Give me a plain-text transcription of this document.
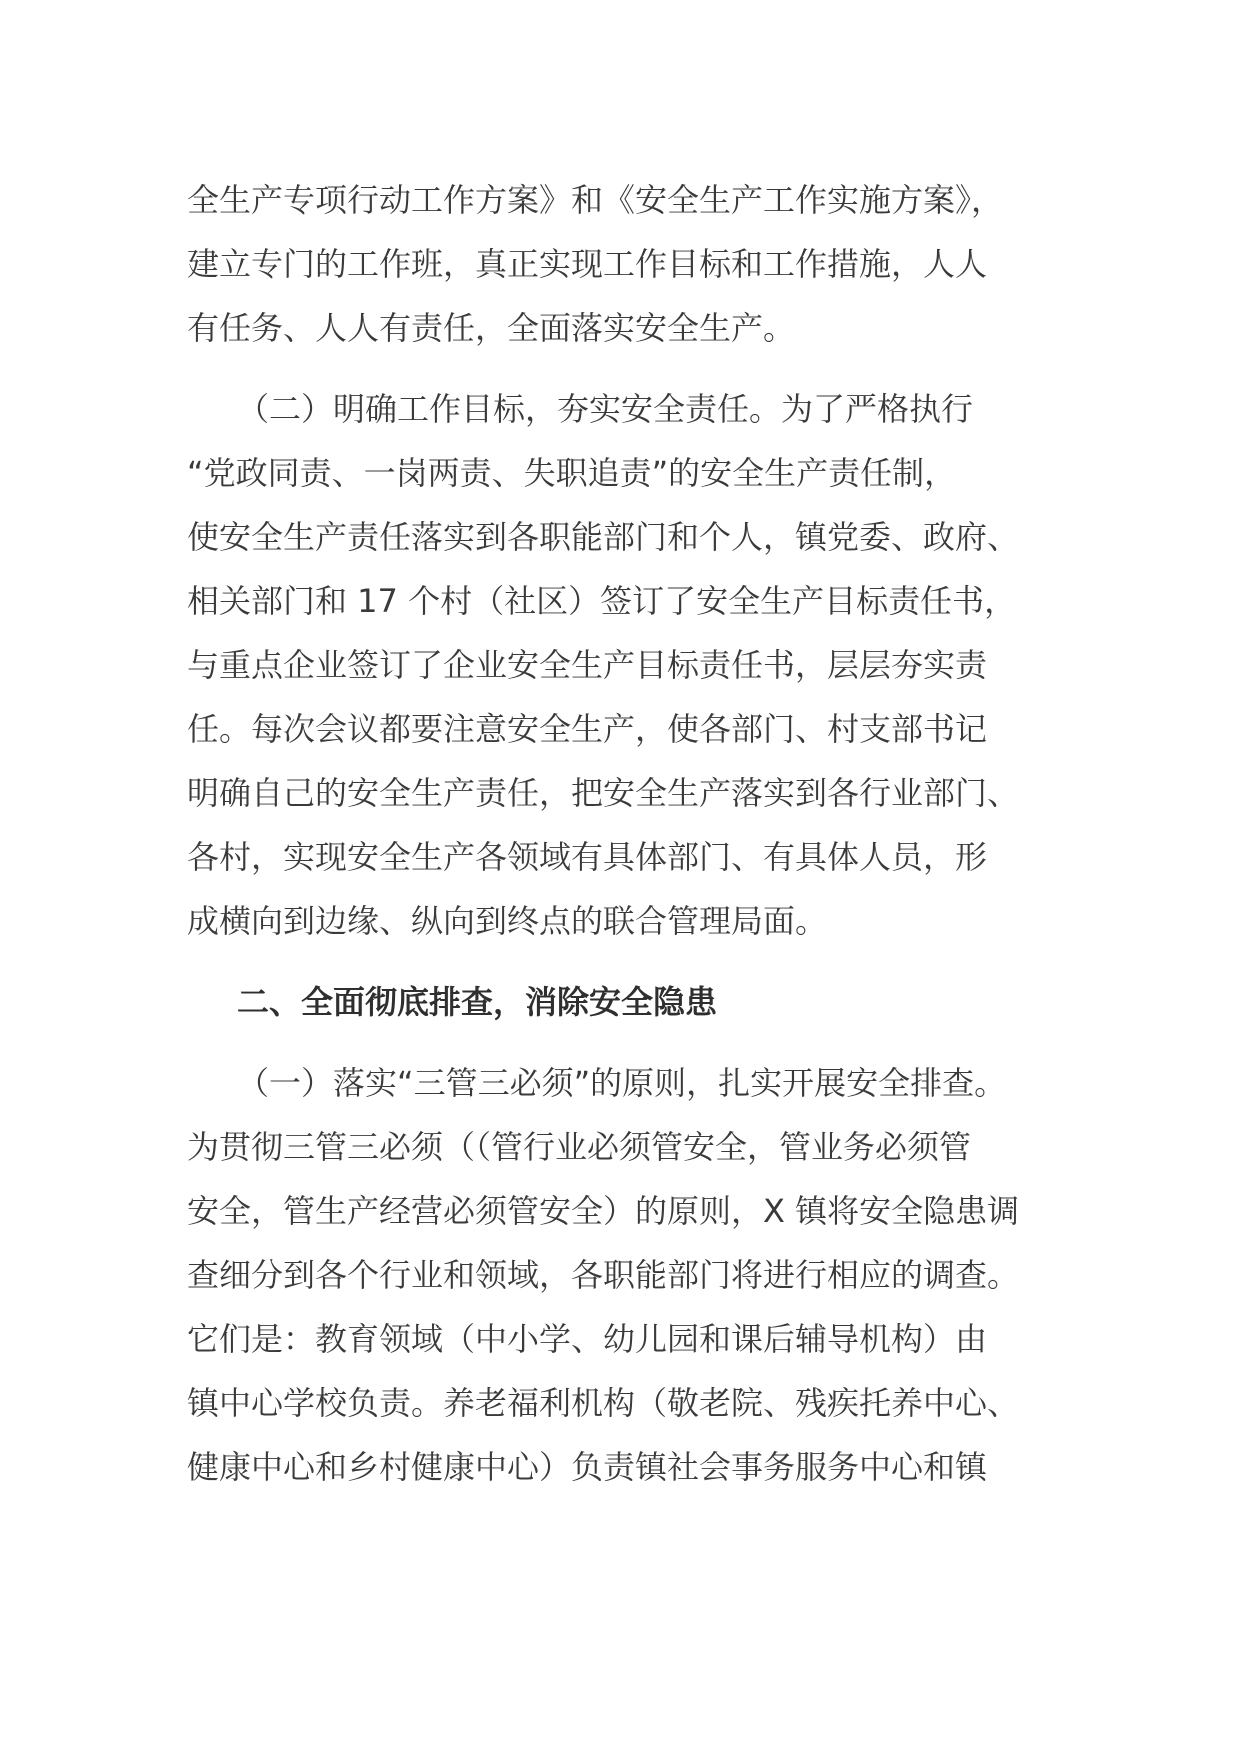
全生产专项行动工作方案》和《安全生产工作实施方案》，
建立专门的工作班，真正实现工作目标和工作措施，人人
有任务、人人有责任，全面落实安全生产。
（二）明确工作目标，夯实安全责任。为了严格执行
“党政同责、一岗两责、失职追责”的安全生产责任制，
使安全生产责任落实到各职能部门和个人，镇党委、政府、
相关部门和 17 个村（社区）签订了安全生产目标责任书，
与重点企业签订了企业安全生产目标责任书，层层夯实责
任。每次会议都要注意安全生产，使各部门、村支部书记
明确自己的安全生产责任，把安全生产落实到各行业部门、
各村，实现安全生产各领域有具体部门、有具体人员，形
成横向到边缘、纵向到终点的联合管理局面。
二、全面彻底排查，消除安全隐患
（一）落实“三管三必须”的原则，扎实开展安全排查。
为贯彻三管三必须（（管行业必须管安全，管业务必须管
安全，管生产经营必须管安全）的原则，X 镇将安全隐患调
查细分到各个行业和领域，各职能部门将进行相应的调查。
它们是：教育领域（中小学、幼儿园和课后辅导机构）由
镇中心学校负责。养老福利机构（敬老院、残疾托养中心、
健康中心和乡村健康中心）负责镇社会事务服务中心和镇
